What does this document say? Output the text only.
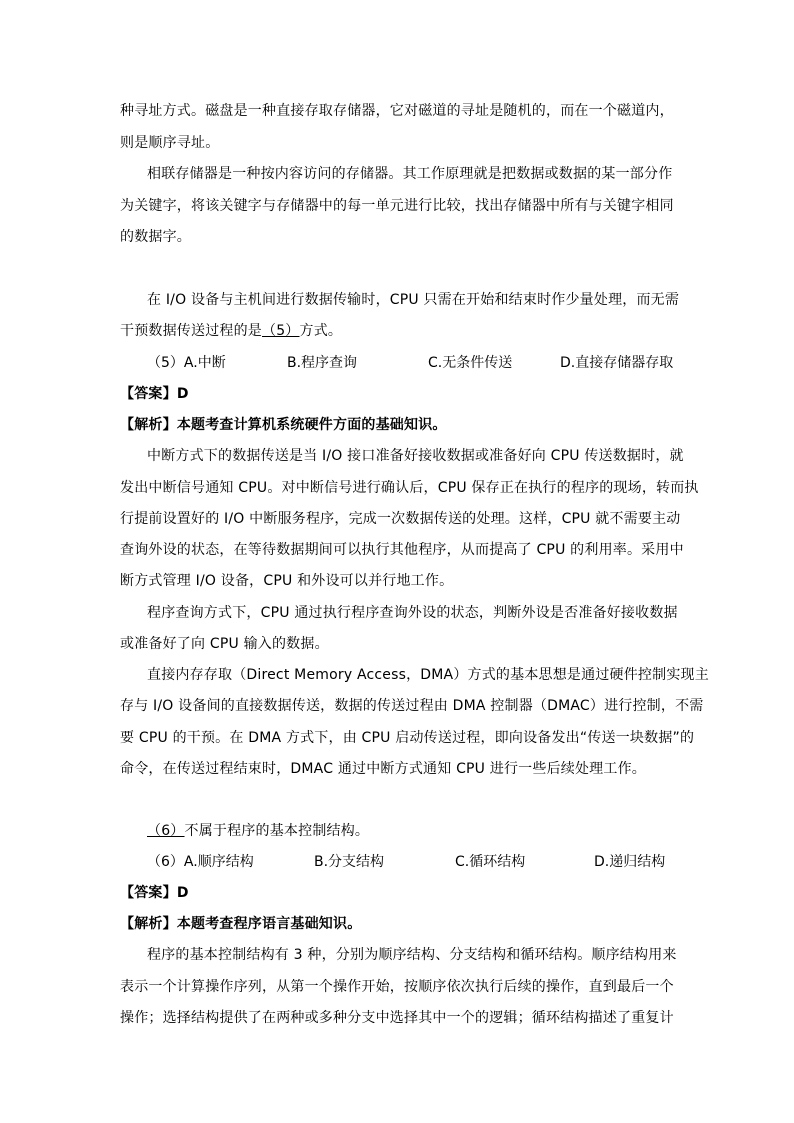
种寻址方式。磁盘是一种直接存取存储器，它对磁道的寻址是随机的，而在一个磁道内，
则是顺序寻址。
相联存储器是一种按内容访问的存储器。其工作原理就是把数据或数据的某一部分作
为关键字，将该关键字与存储器中的每一单元进行比较，找出存储器中所有与关键字相同
的数据字。
在 I/O 设备与主机间进行数据传输时，CPU 只需在开始和结束时作少量处理，而无需
干预数据传送过程的是（5）方式。
（5）A.中断	B.程序查询	C.无条件传送	D.直接存储器存取
【答案】D
【解析】本题考查计算机系统硬件方面的基础知识。
中断方式下的数据传送是当 I/O 接口准备好接收数据或准备好向 CPU 传送数据时，就
发出中断信号通知 CPU。对中断信号进行确认后，CPU 保存正在执行的程序的现场，转而执
行提前设置好的 I/O 中断服务程序，完成一次数据传送的处理。这样，CPU 就不需要主动
查询外设的状态，在等待数据期间可以执行其他程序，从而提高了 CPU 的利用率。采用中
断方式管理 I/O 设备，CPU 和外设可以并行地工作。
程序查询方式下，CPU 通过执行程序查询外设的状态，判断外设是否准备好接收数据
或准备好了向 CPU 输入的数据。
直接内存存取（Direct Memory Access，DMA）方式的基本思想是通过硬件控制实现主
存与 I/O 设备间的直接数据传送，数据的传送过程由 DMA 控制器（DMAC）进行控制，不需
要 CPU 的干预。在 DMA 方式下，由 CPU 启动传送过程，即向设备发出“传送一块数据”的
命令，在传送过程结束时，DMAC 通过中断方式通知 CPU 进行一些后续处理工作。
（6）不属于程序的基本控制结构。
（6）A.顺序结构	B.分支结构	C.循环结构	D.递归结构
【答案】D
【解析】本题考查程序语言基础知识。
程序的基本控制结构有 3 种，分别为顺序结构、分支结构和循环结构。顺序结构用来
表示一个计算操作序列，从第一个操作开始，按顺序依次执行后续的操作，直到最后一个
操作；选择结构提供了在两种或多种分支中选择其中一个的逻辑；循环结构描述了重复计
